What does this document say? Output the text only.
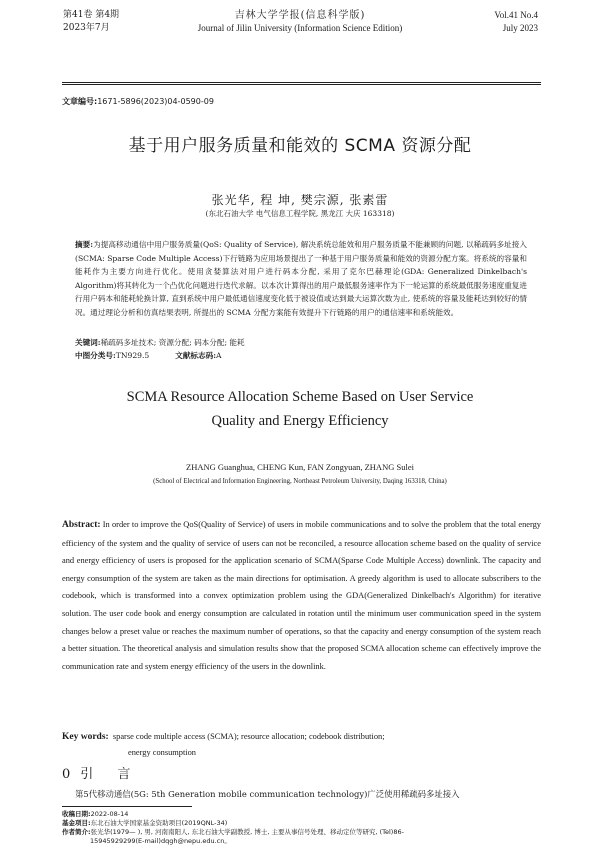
第41卷 第4期
2023年7月
吉林大学学报(信息科学版)
Journal of Jilin University (Information Science Edition)
Vol.41 No.4
July 2023
文章编号:1671-5896(2023)04-0590-09
基于用户服务质量和能效的 SCMA 资源分配
张光华, 程 坤, 樊宗源, 张素雷
(东北石油大学 电气信息工程学院, 黑龙江 大庆 163318)
摘要:为提高移动通信中用户服务质量(QoS: Quality of Service), 解决系统总能效和用户服务质量不能兼顾的问题, 以稀疏码多址接入(SCMA: Sparse Code Multiple Access)下行链路为应用场景提出了一种基于用户服务质量和能效的资源分配方案。将系统的容量和能耗作为主要方向进行优化。使用贪婪算法对用户进行码本分配, 采用了克尔巴赫理论(GDA: Generalized Dinkelbach's Algorithm)将其转化为一个凸优化问题进行迭代求解。以本次计算得出的用户最低服务速率作为下一轮运算的系统最低服务速度重复进行用户码本和能耗轮换计算, 直到系统中用户最低通信速度变化低于被设值或达到最大运算次数为止, 使系统的容量及能耗达到较好的情况。通过理论分析和仿真结果表明, 所提出的 SCMA 分配方案能有效提升下行链路的用户的通信速率和系统能效。
关键词:稀疏码多址技术; 资源分配; 码本分配; 能耗
中图分类号:TN929.5	文献标志码:A
SCMA Resource Allocation Scheme Based on User Service
Quality and Energy Efficiency
ZHANG Guanghua, CHENG Kun, FAN Zongyuan, ZHANG Sulei
(School of Electrical and Information Engineering, Northeast Petroleum University, Daqing 163318, China)
Abstract: In order to improve the QoS(Quality of Service) of users in mobile communications and to solve the problem that the total energy efficiency of the system and the quality of service of users can not be reconciled, a resource allocation scheme based on the quality of service and energy efficiency of users is proposed for the application scenario of SCMA(Sparse Code Multiple Access) downlink. The capacity and energy consumption of the system are taken as the main directions for optimisation. A greedy algorithm is used to allocate subscribers to the codebook, which is transformed into a convex optimization problem using the GDA(Generalized Dinkelbach's Algorithm) for iterative solution. The user code book and energy consumption are calculated in rotation until the minimum user communication speed in the system changes below a preset value or reaches the maximum number of operations, so that the capacity and energy consumption of the system reach a better situation. The theoretical analysis and simulation results show that the proposed SCMA allocation scheme can effectively improve the communication rate and system energy efficiency of the users in the downlink.
Key words: sparse code multiple access (SCMA); resource allocation; codebook distribution;
energy consumption
0引 言
第5代移动通信(5G: 5th Generation mobile communication technology)广泛使用稀疏码多址接入
收稿日期:2022-08-14
基金项目:东北石油大学国家基金资助项目(2019QNL-34)
作者简介:张光华(1979— ), 男, 河南南阳人, 东北石油大学副教授, 博士, 主要从事信号处理、移动定位等研究, (Tel)86-
15945929299(E-mail)dqgh@nepu.edu.cn。
